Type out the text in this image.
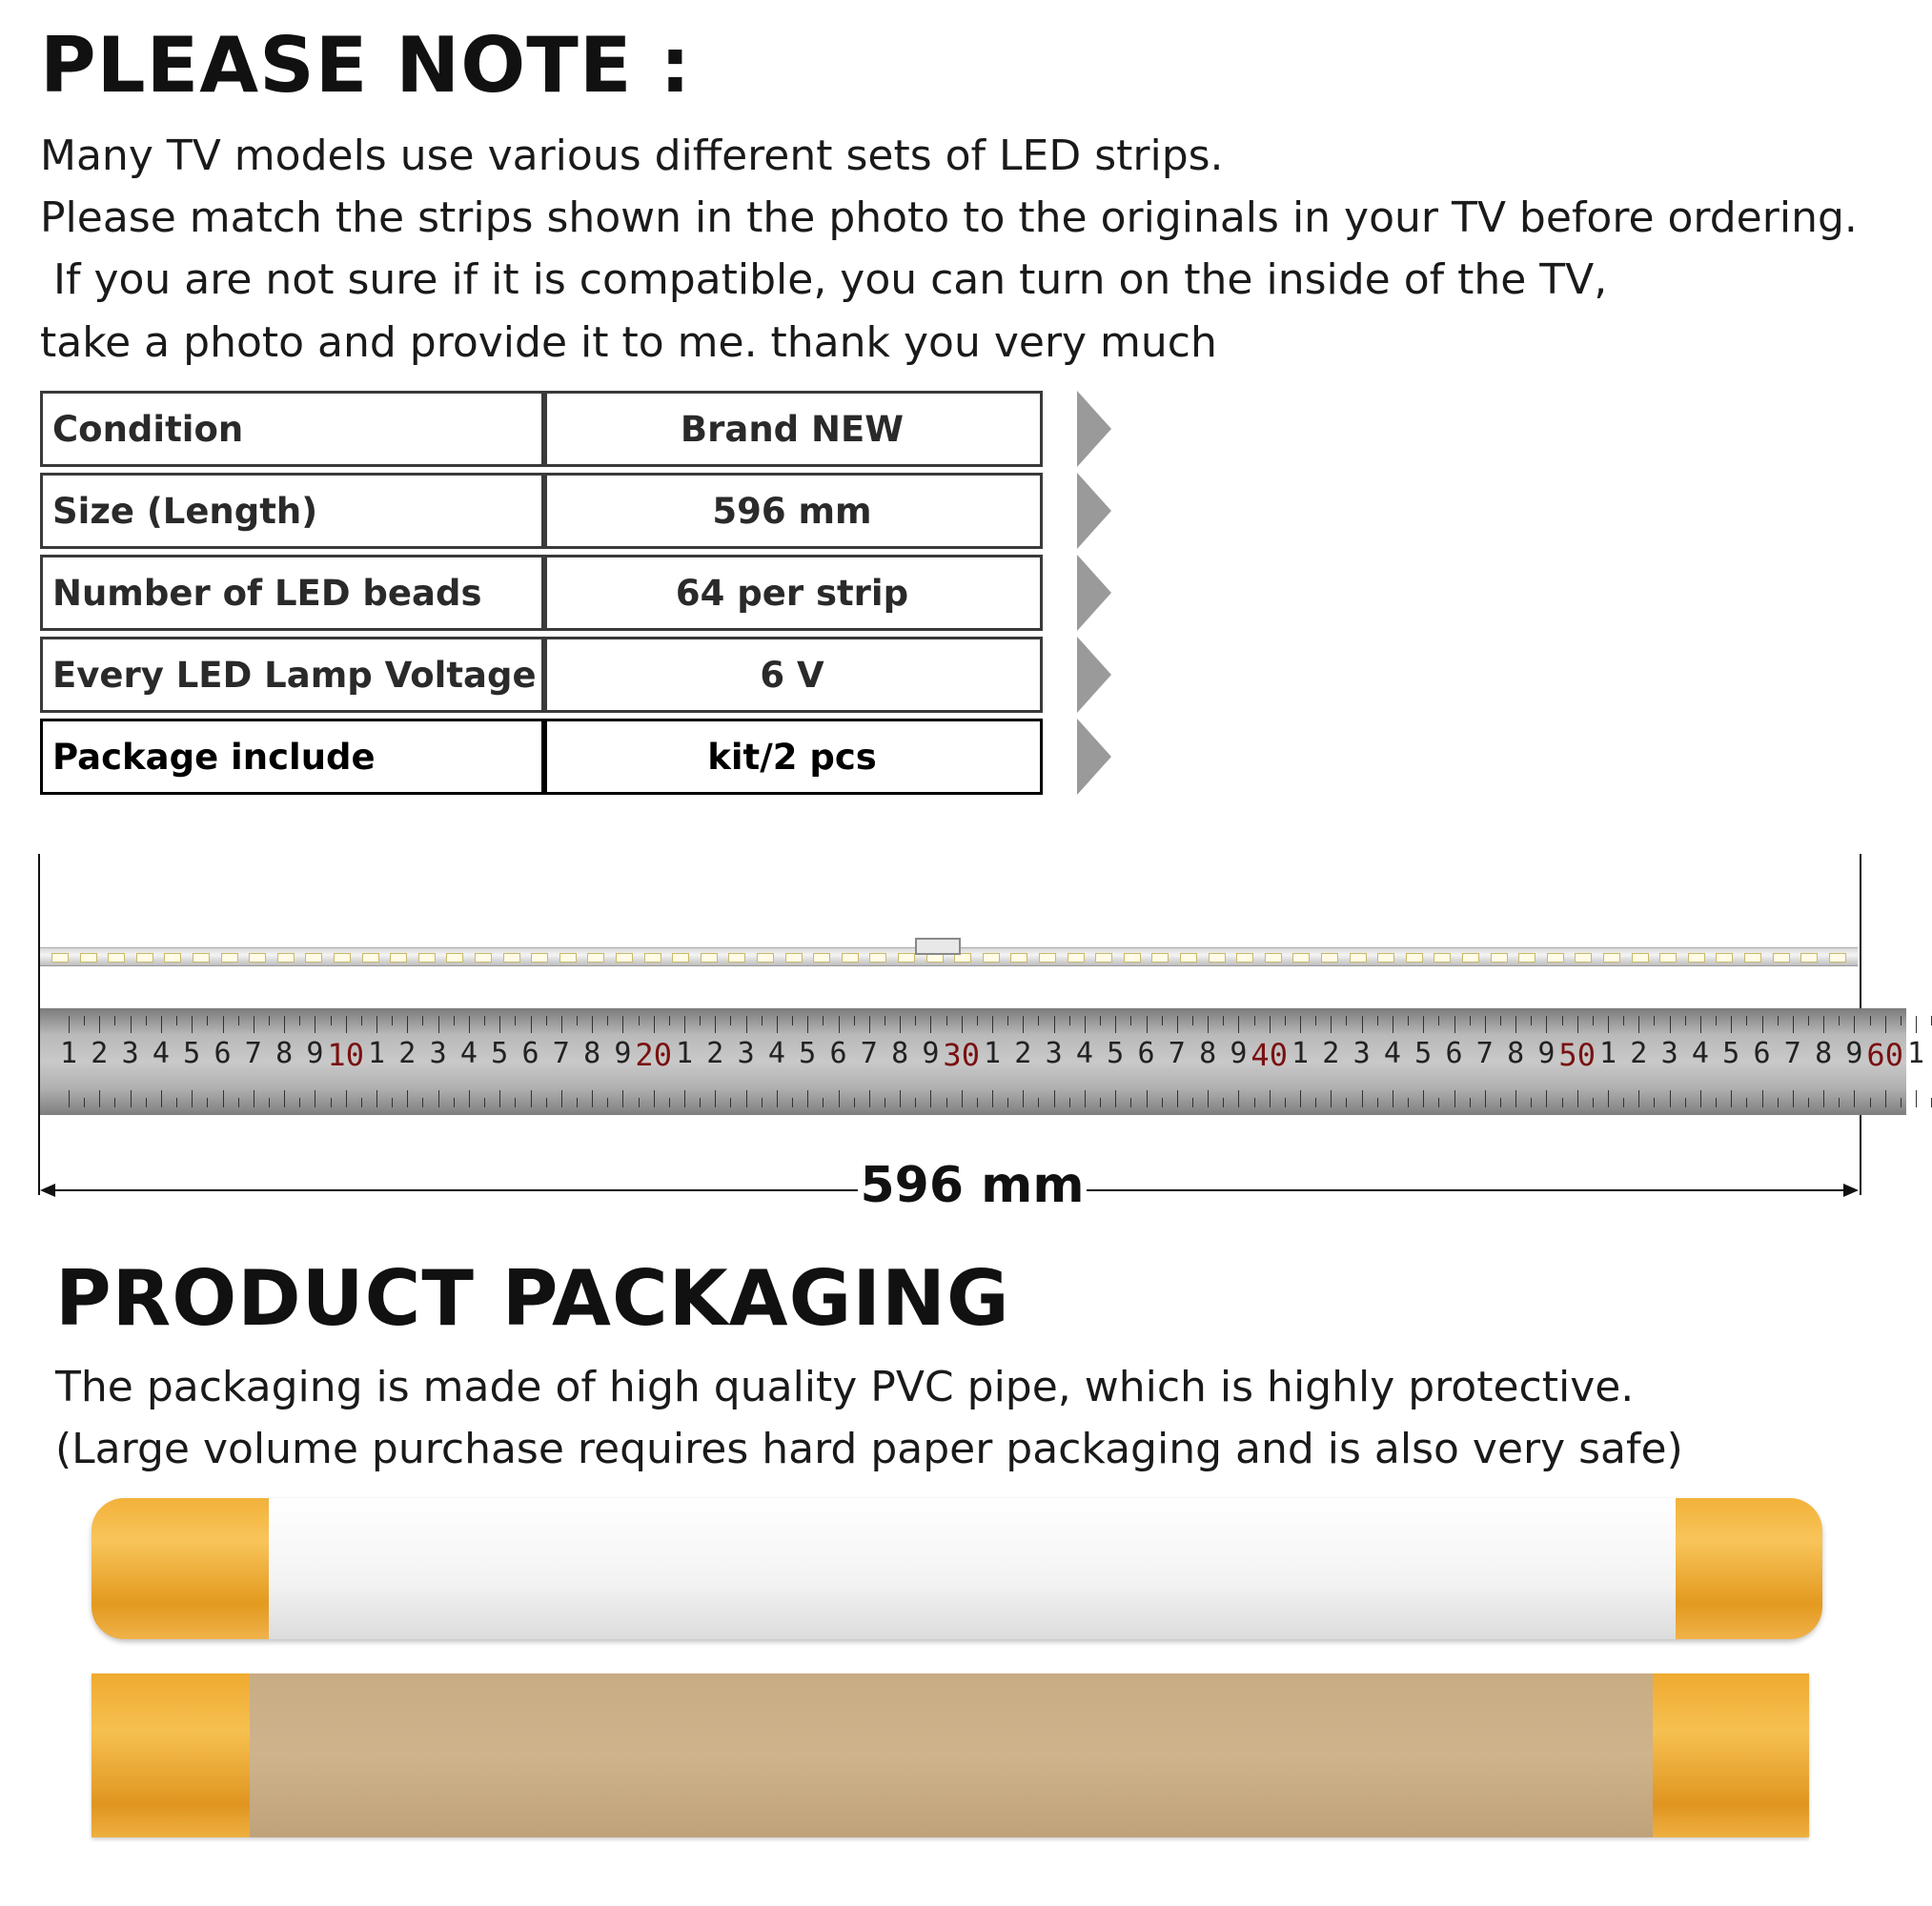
PLEASE NOTE :
Many TV models use various different sets of LED strips.
Please match the strips shown in the photo to the originals in your TV before ordering.
If you are not sure if it is compatible, you can turn on the inside of the TV,
take a photo and provide it to me. thank you very much
Condition	Brand NEW
Size (Length)	596 mm
Number of LED beads	64 per strip
Every LED Lamp Voltage	6 V
Package include	kit/2 pcs
1 2 3 4 5 6 7 8 9 10 1 2 3 4 5 6 7 8 9 20 1 2 3 4 5 6 7 8 9 30 1 2 3 4 5 6 7 8 9 40 1 2 3 4 5 6 7 8 9 50 1 2 3 4 5 6 7 8 9 60 1
596 mm
PRODUCT PACKAGING
The packaging is made of high quality PVC pipe, which is highly protective.
(Large volume purchase requires hard paper packaging and is also very safe)
